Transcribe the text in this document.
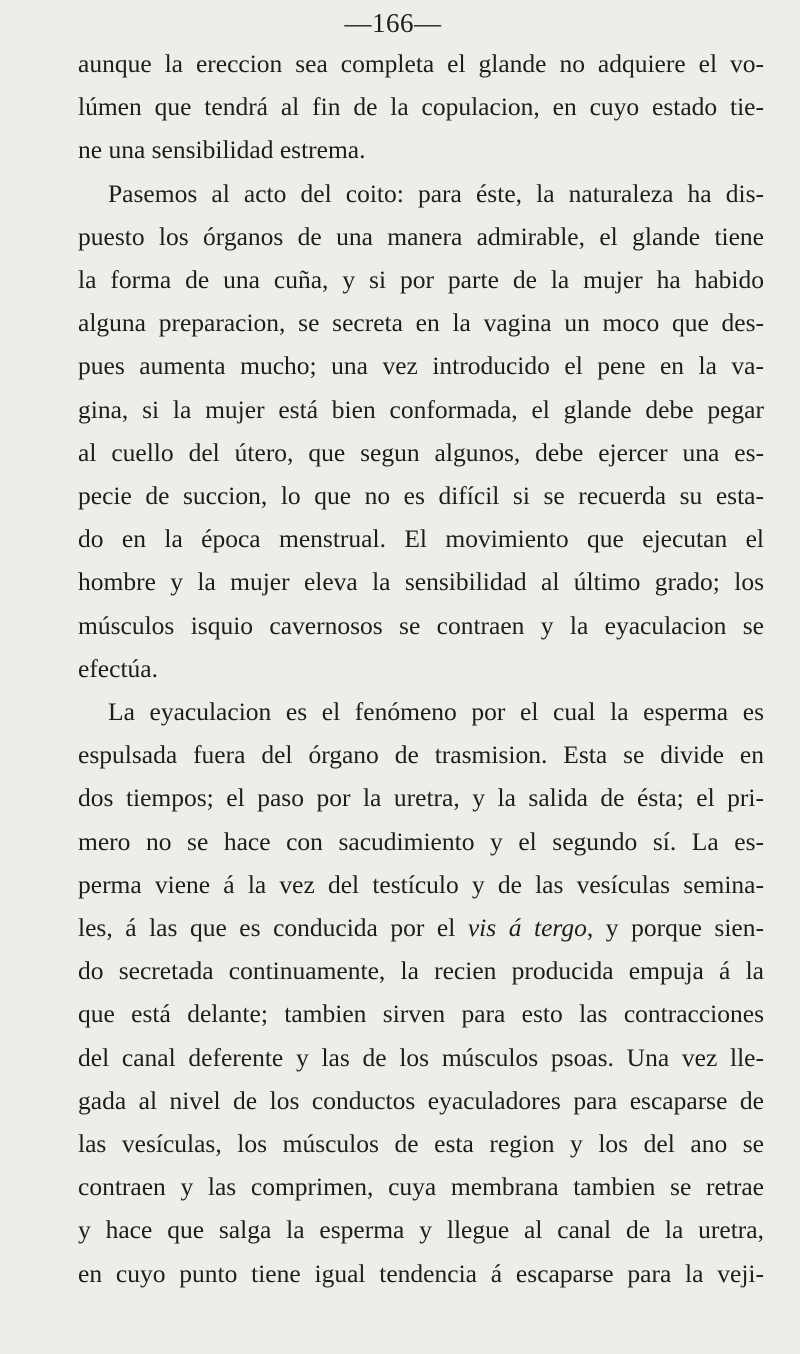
—166—
aunque la ereccion sea completa el glande no adquiere el vo-
lúmen que tendrá al fin de la copulacion, en cuyo estado tie-
ne una sensibilidad estrema.
Pasemos al acto del coito: para éste, la naturaleza ha dis-
puesto los órganos de una manera admirable, el glande tiene
la forma de una cuña, y si por parte de la mujer ha habido
alguna preparacion, se secreta en la vagina un moco que des-
pues aumenta mucho; una vez introducido el pene en la va-
gina, si la mujer está bien conformada, el glande debe pegar
al cuello del útero, que segun algunos, debe ejercer una es-
pecie de succion, lo que no es difícil si se recuerda su esta-
do en la época menstrual. El movimiento que ejecutan el
hombre y la mujer eleva la sensibilidad al último grado; los
músculos isquio cavernosos se contraen y la eyaculacion se
efectúa.
La eyaculacion es el fenómeno por el cual la esperma es
espulsada fuera del órgano de trasmision. Esta se divide en
dos tiempos; el paso por la uretra, y la salida de ésta; el pri-
mero no se hace con sacudimiento y el segundo sí. La es-
perma viene á la vez del testículo y de las vesículas semina-
les, á las que es conducida por el vis á tergo, y porque sien-
do secretada continuamente, la recien producida empuja á la
que está delante; tambien sirven para esto las contracciones
del canal deferente y las de los músculos psoas. Una vez lle-
gada al nivel de los conductos eyaculadores para escaparse de
las vesículas, los músculos de esta region y los del ano se
contraen y las comprimen, cuya membrana tambien se retrae
y hace que salga la esperma y llegue al canal de la uretra,
en cuyo punto tiene igual tendencia á escaparse para la veji-
